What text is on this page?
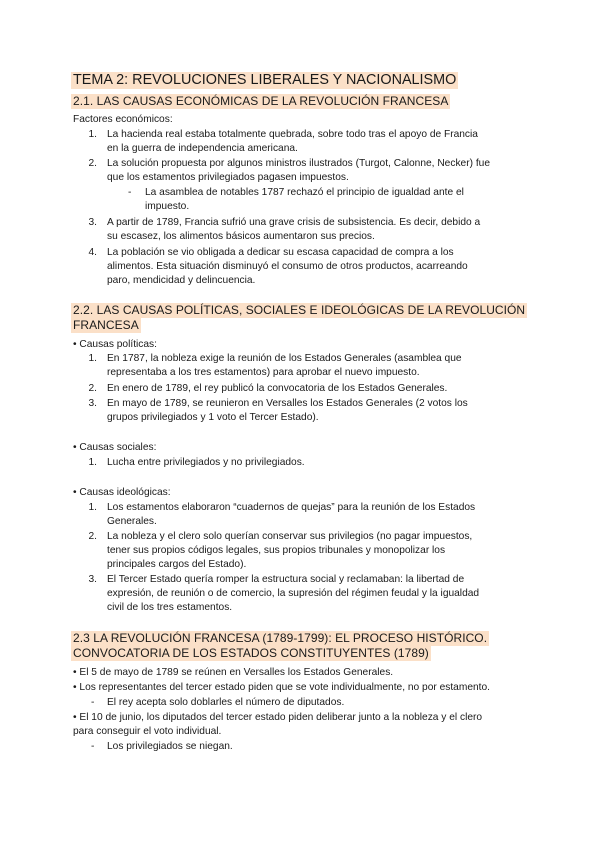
TEMA 2: REVOLUCIONES LIBERALES Y NACIONALISMO
2.1. LAS CAUSAS ECONÓMICAS DE LA REVOLUCIÓN FRANCESA
Factores económicos:
1. La hacienda real estaba totalmente quebrada, sobre todo tras el apoyo de Francia
en la guerra de independencia americana.
2. La solución propuesta por algunos ministros ilustrados (Turgot, Calonne, Necker) fue
que los estamentos privilegiados pagasen impuestos.
- La asamblea de notables 1787 rechazó el principio de igualdad ante el
impuesto.
3. A partir de 1789, Francia sufrió una grave crisis de subsistencia. Es decir, debido a
su escasez, los alimentos básicos aumentaron sus precios.
4. La población se vio obligada a dedicar su escasa capacidad de compra a los
alimentos. Esta situación disminuyó el consumo de otros productos, acarreando
paro, mendicidad y delincuencia.
2.2. LAS CAUSAS POLÍTICAS, SOCIALES E IDEOLÓGICAS DE LA REVOLUCIÓN
FRANCESA
• Causas políticas:
1. En 1787, la nobleza exige la reunión de los Estados Generales (asamblea que
representaba a los tres estamentos) para aprobar el nuevo impuesto.
2. En enero de 1789, el rey publicó la convocatoria de los Estados Generales.
3. En mayo de 1789, se reunieron en Versalles los Estados Generales (2 votos los
grupos privilegiados y 1 voto el Tercer Estado).
• Causas sociales:
1. Lucha entre privilegiados y no privilegiados.
• Causas ideológicas:
1. Los estamentos elaboraron “cuadernos de quejas” para la reunión de los Estados
Generales.
2. La nobleza y el clero solo querían conservar sus privilegios (no pagar impuestos,
tener sus propios códigos legales, sus propios tribunales y monopolizar los
principales cargos del Estado).
3. El Tercer Estado quería romper la estructura social y reclamaban: la libertad de
expresión, de reunión o de comercio, la supresión del régimen feudal y la igualdad
civil de los tres estamentos.
2.3 LA REVOLUCIÓN FRANCESA (1789-1799): EL PROCESO HISTÓRICO.
CONVOCATORIA DE LOS ESTADOS CONSTITUYENTES (1789)
• El 5 de mayo de 1789 se reúnen en Versalles los Estados Generales.
• Los representantes del tercer estado piden que se vote individualmente, no por estamento.
- El rey acepta solo doblarles el número de diputados.
• El 10 de junio, los diputados del tercer estado piden deliberar junto a la nobleza y el clero
para conseguir el voto individual.
- Los privilegiados se niegan.
